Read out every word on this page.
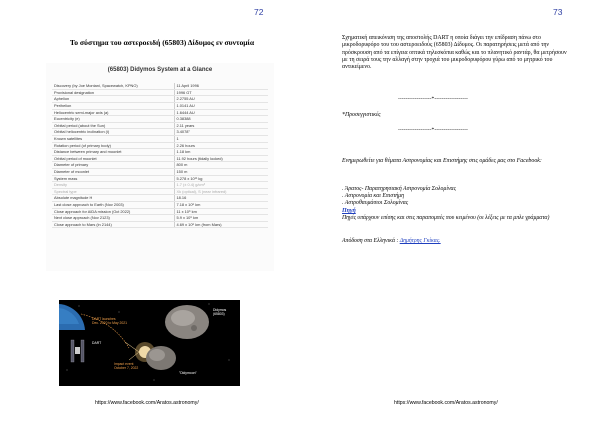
72
Το σύστημα του αστεροειδή (65803) Δίδυμος εν συντομία
(65803) Didymos System at a Glance
Discovery (by Joe Montani, Spacewatch, KPNO)	11 April 1996
Provisional designation	1996 GT
Aphelion	2.2755 AU
Perihelion	1.0141 AU
Heliocentric semi-major axis (a)	1.6444 AU
Eccentricity (e)	0.38388
Orbital period (about the Sun)	2.11 years
Orbital heliocentric inclination (i)	3.4078°
Known satellites	1
Rotation period (of primary body)	2.26 hours
Distance between primary and moonlet	1.18 km
Orbital period of moonlet	11.92 hours (tidally locked)
Diameter of primary	800 m
Diameter of moonlet	150 m
System mass	5.278 x 10¹¹ kg
Density	1.7 (± 0.4) g/cm³
Spectral type	Xk (optical), S (near infrared)
Absolute magnitude H	18.16
Last close approach to Earth (Nov 2003)	7.18 x 10⁶ km
Close approach for AIDA mission (Oct 2022)	11 x 10⁶ km
Next close approach (Nov 2123)	5.9 x 10⁶ km
Close approach to Mars (in 2144)	4.69 x 10⁶ km (from Mars)
DART launches
Dec. 2020 to May 2021
DART
Didymos
(65803)
Impact event
October 7, 2022
"Didymoon"
https://www.facebook.com/Aratos.astronomy/
73
Σχηματική απεικόνιση της αποστολής DART η οποία διάγει την επίδραση πάνω στο μικροδορυφόρο του του αστεροειδούς (65803) Δίδυμος. Οι παρατηρήσεις μετά από την πρόσκρουση από τα επίγεια οπτικά τηλεσκόπια καθώς και το πλανητικό ραντάρ, θα μετρήσουν με τη σειρά τους την αλλαγή στην τροχιά του μικροδορυφόρου γύρω από το μητρικό του αντικείμενο.
------------------*------------------
*Προσεγγιστικές
------------------*------------------
Ενημερωθείτε για θέματα Αστρονομίας και Επιστήμης στις ομάδες μας στο Facebook:
. Άρατος- Παρατηρησιακή Αστρονομία Σολομίνας
. Αστρονομία και Επιστήμη
. Αστροθαυμάσιοι Σολομίνας
Πηγή
Πηγές υπάρχουν επίσης και στις παραπομπές που κειμένου (οι λέξεις με τα μπλε γράμματα)
Απόδοση στα Ελληνικά : Δημήτρης Γκίκας.
https://www.facebook.com/Aratos.astronomy/
